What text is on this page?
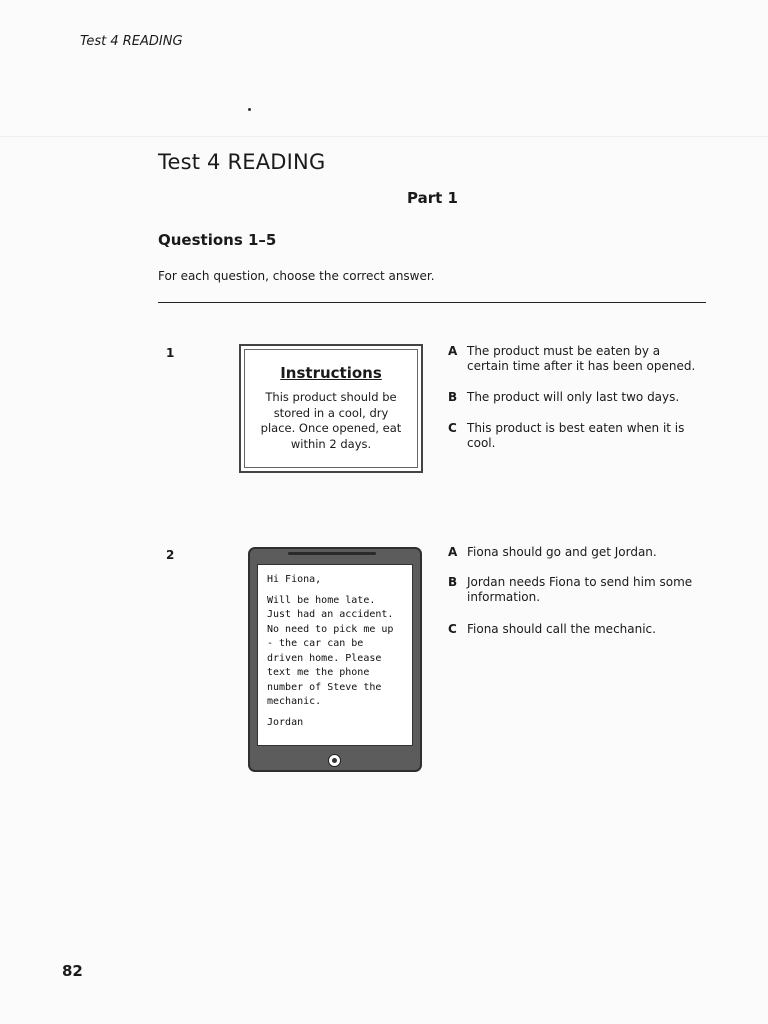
Test 4 READING
Test 4 READING
Part 1
Questions 1–5
For each question, choose the correct answer.
1
Instructions
This product should be stored in a cool, dry place. Once opened, eat within 2 days.
A The product must be eaten by a certain time after it has been opened.
B The product will only last two days.
C This product is best eaten when it is cool.
2

Hi Fiona,

Will be home late. Just had an accident. No need to pick me up - the car can be driven home. Please text me the phone number of Steve the mechanic.

Jordan

A Fiona should go and get Jordan.
B Jordan needs Fiona to send him some information.
C Fiona should call the mechanic.
82
